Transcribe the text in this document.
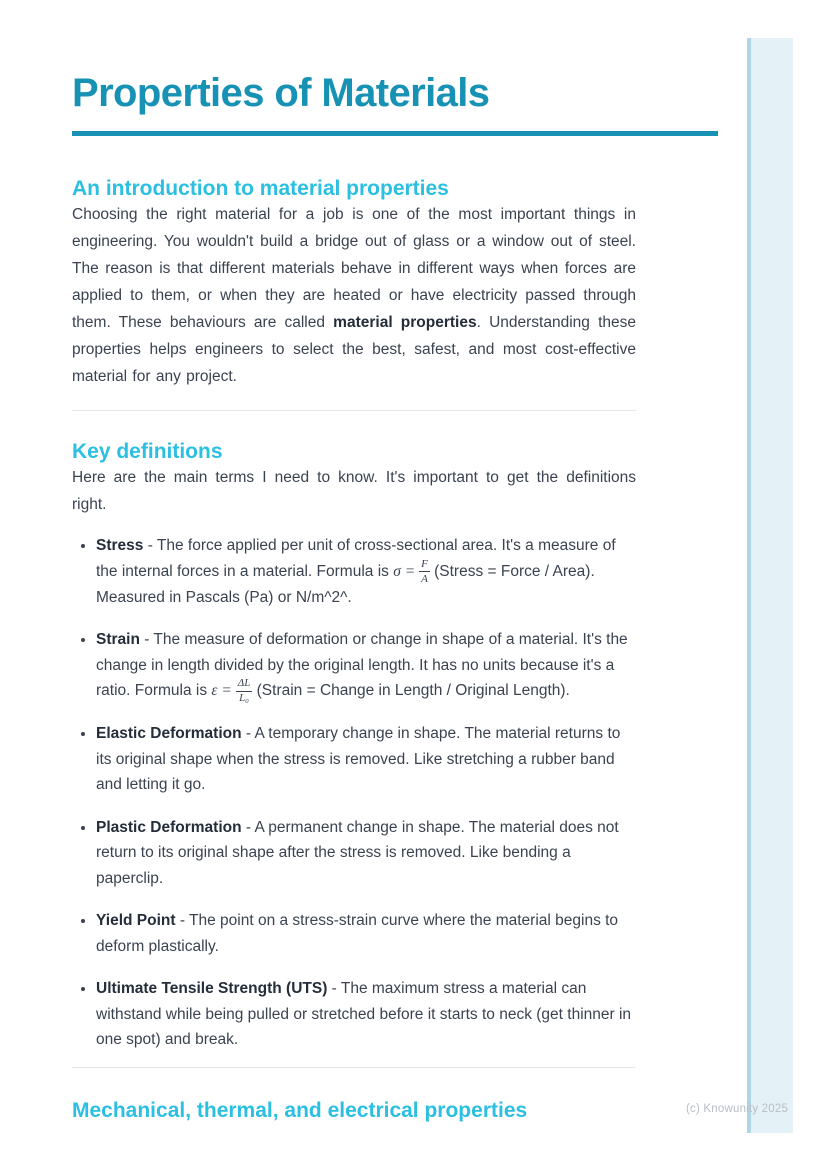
Properties of Materials
An introduction to material properties

Choosing the right material for a job is one of the most important things in engineering. You wouldn't build a bridge out of glass or a window out of steel. The reason is that different materials behave in different ways when forces are applied to them, or when they are heated or have electricity passed through them. These behaviours are called material properties. Understanding these properties helps engineers to select the best, safest, and most cost-effective material for any project.

Key definitions

Here are the main terms I need to know. It's important to get the definitions right.

• Stress - The force applied per unit of cross-sectional area. It's a measure of the internal forces in a material. Formula is $\sigma = \frac{F}{A}$ (Stress = Force / Area). Measured in Pascals (Pa) or N/m^2^.
• Strain - The measure of deformation or change in shape of a material. It's the change in length divided by the original length. It has no units because it's a ratio. Formula is $\varepsilon = \frac{\Delta L}{\text{L₀}}$ (Strain = Change in Length / Original Length).
• Elastic Deformation - A temporary change in shape. The material returns to its original shape when the stress is removed. Like stretching a rubber band and letting it go.
• Plastic Deformation - A permanent change in shape. The material does not return to its original shape after the stress is removed. Like bending a paperclip.
• Yield Point - The point on a stress-strain curve where the material begins to deform plastically.
• Ultimate Tensile Strength (UTS) - The maximum stress a material can withstand while being pulled or stretched before it starts to neck (get thinner in one spot) and break.
Mechanical, thermal, and electrical properties	(c) Knowunity 2025
